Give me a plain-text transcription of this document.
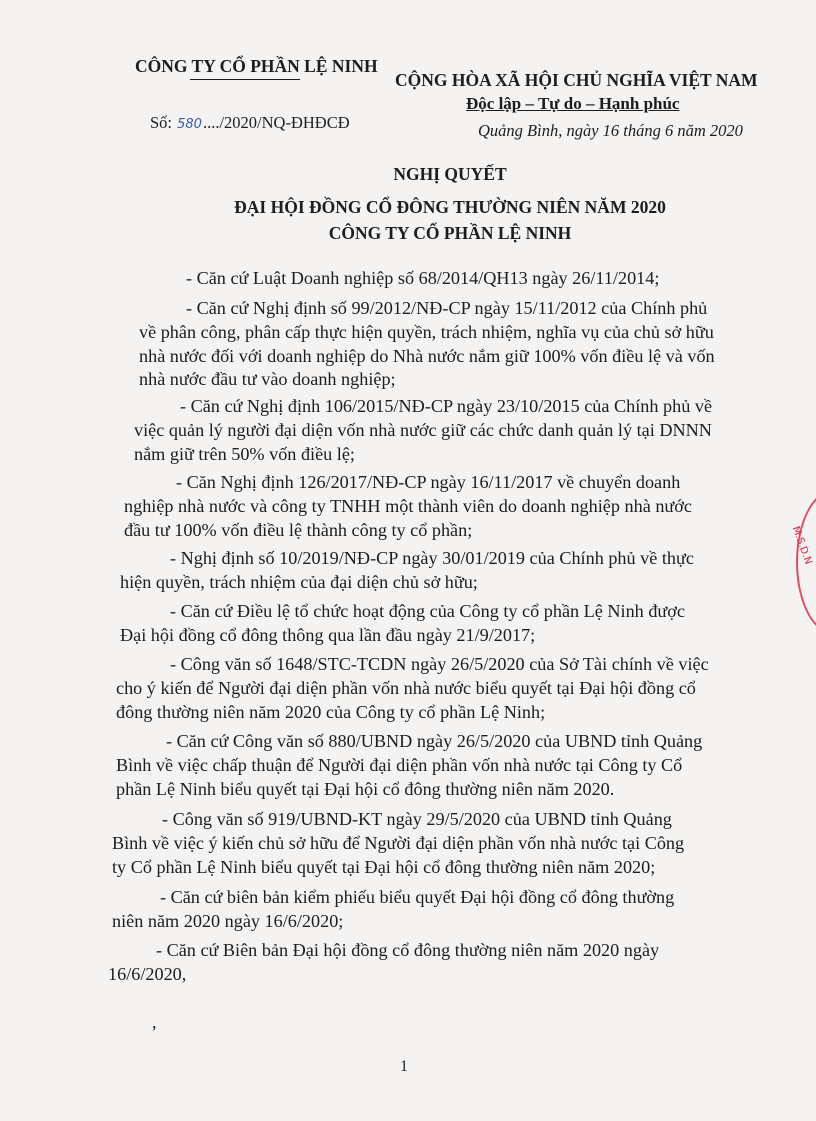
CÔNG TY CỔ PHẦN LỆ NINH
CỘNG HÒA XÃ HỘI CHỦ NGHĨA VIỆT NAM
Độc lập – Tự do – Hạnh phúc
Số: 580..../2020/NQ-ĐHĐCĐ	Quảng Bình, ngày 16 tháng 6 năm 2020
NGHỊ QUYẾT
ĐẠI HỘI ĐỒNG CỔ ĐÔNG THƯỜNG NIÊN NĂM 2020
CÔNG TY CỔ PHẦN LỆ NINH
- Căn cứ Luật Doanh nghiệp số 68/2014/QH13 ngày 26/11/2014;
- Căn cứ Nghị định số 99/2012/NĐ-CP ngày 15/11/2012 của Chính phủ
về phân công, phân cấp thực hiện quyền, trách nhiệm, nghĩa vụ của chủ sở hữu
nhà nước đối với doanh nghiệp do Nhà nước nắm giữ 100% vốn điều lệ và vốn
nhà nước đầu tư vào doanh nghiệp;
- Căn cứ Nghị định 106/2015/NĐ-CP ngày 23/10/2015 của Chính phủ về
việc quản lý người đại diện vốn nhà nước giữ các chức danh quản lý tại DNNN
nắm giữ trên 50% vốn điều lệ;
- Căn Nghị định 126/2017/NĐ-CP ngày 16/11/2017 về chuyển doanh
nghiệp nhà nước và công ty TNHH một thành viên do doanh nghiệp nhà nước
đầu tư 100% vốn điều lệ thành công ty cổ phần;
- Nghị định số 10/2019/NĐ-CP ngày 30/01/2019 của Chính phủ về thực
hiện quyền, trách nhiệm của đại diện chủ sở hữu;
- Căn cứ Điều lệ tổ chức hoạt động của Công ty cổ phần Lệ Ninh được
Đại hội đồng cổ đông thông qua lần đầu ngày 21/9/2017;
- Công văn số 1648/STC-TCDN ngày 26/5/2020 của Sở Tài chính về việc
cho ý kiến để Người đại diện phần vốn nhà nước biểu quyết tại Đại hội đồng cổ
đông thường niên năm 2020 của Công ty cổ phần Lệ Ninh;
- Căn cứ Công văn số 880/UBND ngày 26/5/2020 của UBND tỉnh Quảng
Bình về việc chấp thuận để Người đại diện phần vốn nhà nước tại Công ty Cổ
phần Lệ Ninh biểu quyết tại Đại hội cổ đông thường niên năm 2020.
- Công văn số 919/UBND-KT ngày 29/5/2020 của UBND tỉnh Quảng
Bình về việc ý kiến chủ sở hữu để Người đại diện phần vốn nhà nước tại Công
ty Cổ phần Lệ Ninh biểu quyết tại Đại hội cổ đông thường niên năm 2020;
- Căn cứ biên bản kiểm phiếu biểu quyết Đại hội đồng cổ đông thường
niên năm 2020 ngày 16/6/2020;
- Căn cứ Biên bản Đại hội đồng cổ đông thường niên năm 2020 ngày
16/6/2020,
,
M.S.D.N
1
